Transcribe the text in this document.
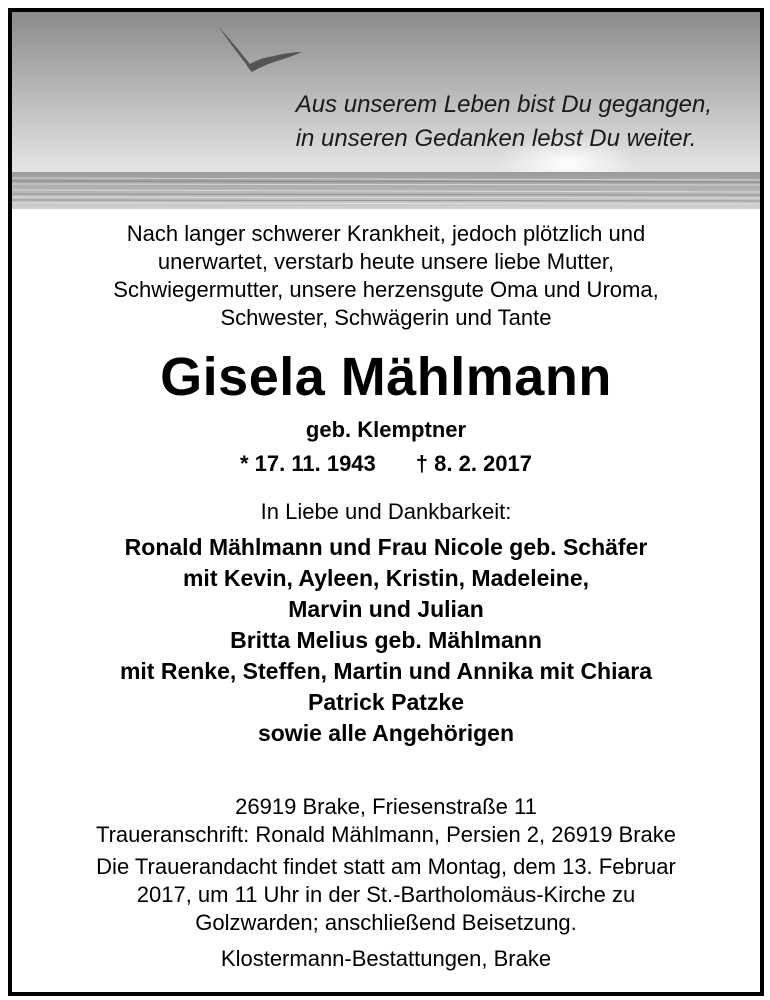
Aus unserem Leben bist Du gegangen,
in unseren Gedanken lebst Du weiter.
Nach langer schwerer Krankheit, jedoch plötzlich und
unerwartet, verstarb heute unsere liebe Mutter,
Schwiegermutter, unsere herzensgute Oma und Uroma,
Schwester, Schwägerin und Tante
Gisela Mählmann
geb. Klemptner
* 17. 11. 1943 † 8. 2. 2017
In Liebe und Dankbarkeit:
Ronald Mählmann und Frau Nicole geb. Schäfer
mit Kevin, Ayleen, Kristin, Madeleine,
Marvin und Julian
Britta Melius geb. Mählmann
mit Renke, Steffen, Martin und Annika mit Chiara
Patrick Patzke
sowie alle Angehörigen
26919 Brake, Friesenstraße 11
Traueranschrift: Ronald Mählmann, Persien 2, 26919 Brake
Die Trauerandacht findet statt am Montag, dem 13. Februar
2017, um 11 Uhr in der St.-Bartholomäus-Kirche zu
Golzwarden; anschließend Beisetzung.
Klostermann-Bestattungen, Brake
